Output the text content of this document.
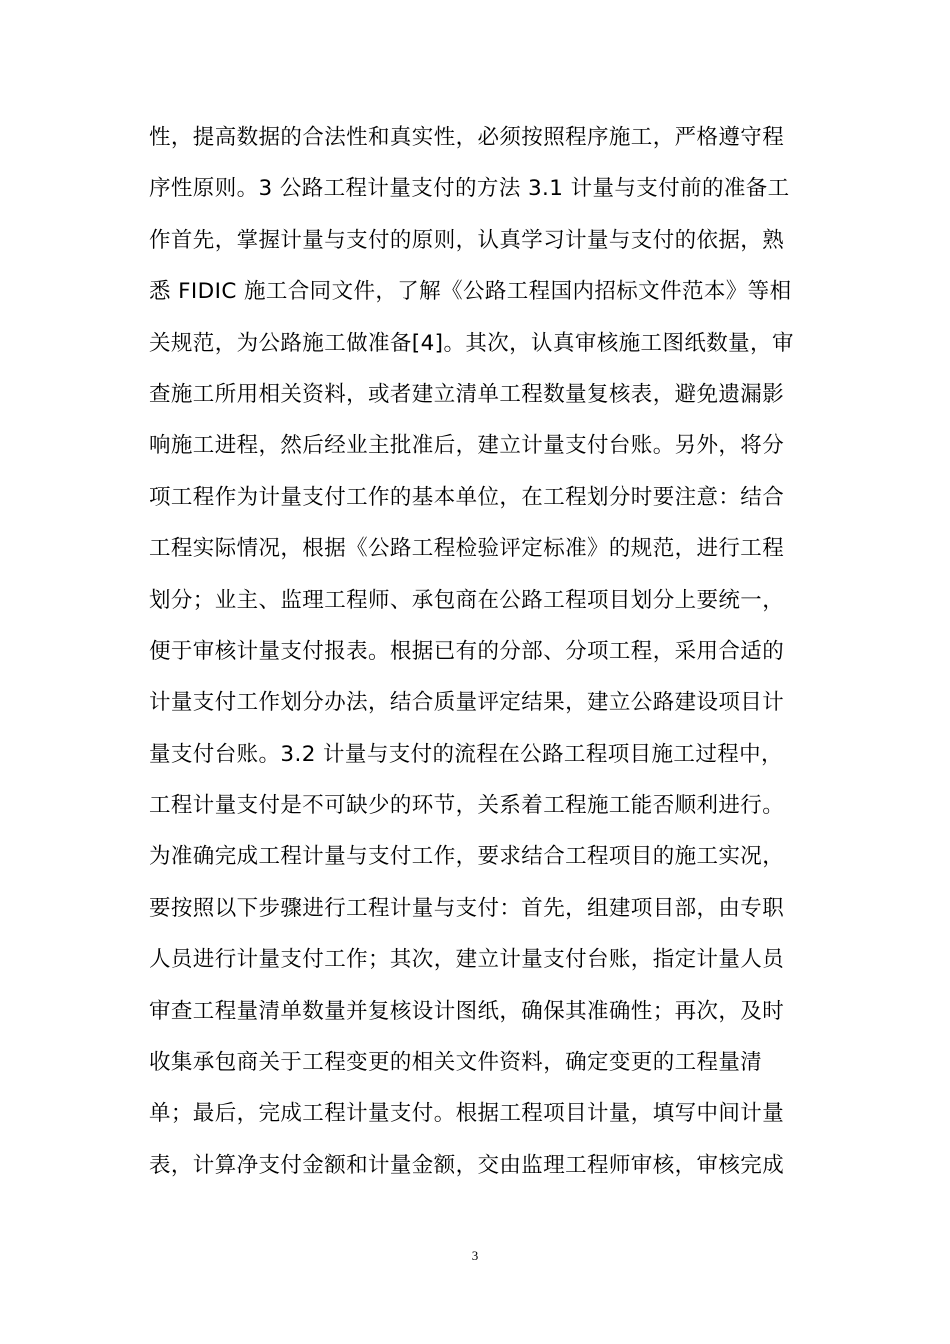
性，提高数据的合法性和真实性，必须按照程序施工，严格遵守程
序性原则。3 公路工程计量支付的方法 3.1 计量与支付前的准备工
作首先，掌握计量与支付的原则，认真学习计量与支付的依据，熟
悉 FIDIC 施工合同文件，了解《公路工程国内招标文件范本》等相
关规范，为公路施工做准备[4]。其次，认真审核施工图纸数量，审
查施工所用相关资料，或者建立清单工程数量复核表，避免遗漏影
响施工进程，然后经业主批准后，建立计量支付台账。另外，将分
项工程作为计量支付工作的基本单位，在工程划分时要注意：结合
工程实际情况，根据《公路工程检验评定标准》的规范，进行工程
划分；业主、监理工程师、承包商在公路工程项目划分上要统一，
便于审核计量支付报表。根据已有的分部、分项工程，采用合适的
计量支付工作划分办法，结合质量评定结果，建立公路建设项目计
量支付台账。3.2 计量与支付的流程在公路工程项目施工过程中，
工程计量支付是不可缺少的环节，关系着工程施工能否顺利进行。
为准确完成工程计量与支付工作，要求结合工程项目的施工实况，
要按照以下步骤进行工程计量与支付：首先，组建项目部，由专职
人员进行计量支付工作；其次，建立计量支付台账，指定计量人员
审查工程量清单数量并复核设计图纸，确保其准确性；再次，及时
收集承包商关于工程变更的相关文件资料，确定变更的工程量清
单；最后，完成工程计量支付。根据工程项目计量，填写中间计量
表，计算净支付金额和计量金额，交由监理工程师审核，审核完成
3
